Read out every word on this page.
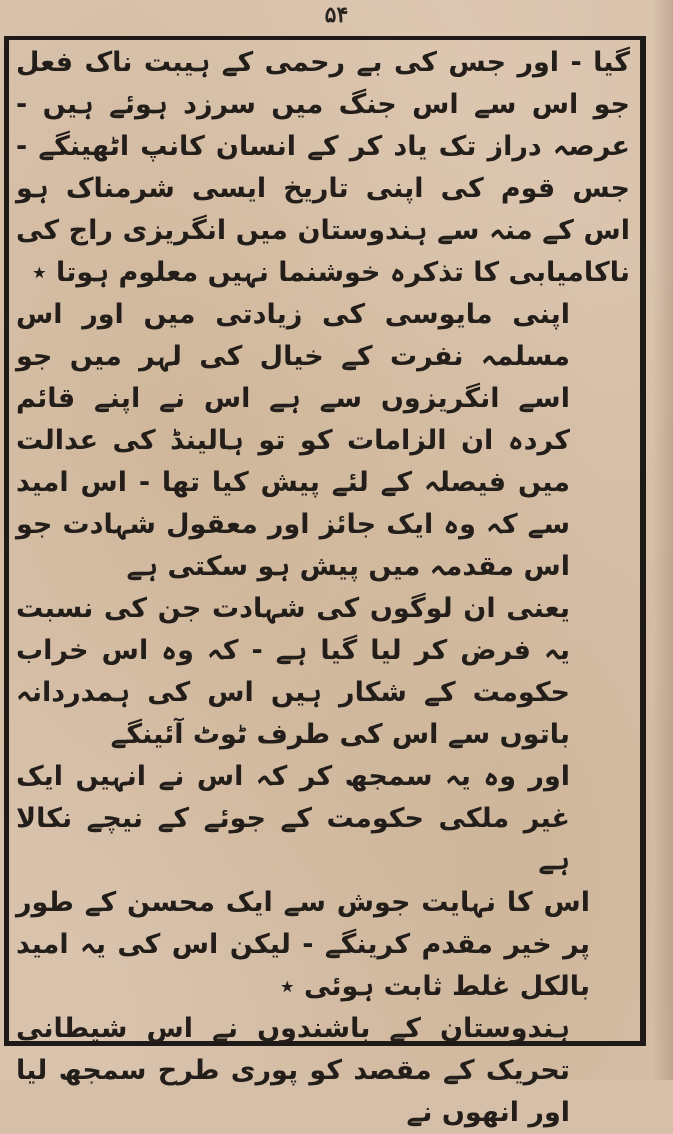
۵۴

گیا - اور جس کی بے رحمی کے ہیبت ناک فعل جو اس سے اس جنگ میں سرزد ہوئے ہیں - عرصہ دراز تک یاد کر کے انسان کانپ اٹھینگے - جس قوم کی اپنی تاریخ ایسی شرمناک ہو اس کے منہ سے ہندوستان میں انگریزی راج کی ناکامیابی کا تذکرہ خوشنما نہیں معلوم ہوتا ٭

اپنی مایوسی کی زیادتی میں اور اس مسلمہ نفرت کے خیال کی لہر میں جو اسے انگریزوں سے ہے اس نے اپنے قائم کردہ ان الزامات کو تو ہالینڈ کی عدالت میں فیصلہ کے لئے پیش کیا تھا - اس امید سے کہ وہ ایک جائز اور معقول شہادت جو اس مقدمہ میں پیش ہو سکتی ہے

یعنی ان لوگوں کی شہادت جن کی نسبت یہ فرض کر لیا گیا ہے - کہ وہ اس خراب حکومت کے شکار ہیں اس کی ہمدردانہ باتوں سے اس کی طرف ٹوٹ آئینگے

اور وہ یہ سمجھ کر کہ اس نے انہیں ایک غیر ملکی حکومت کے جوئے کے نیچے نکالا ہے

اس کا نہایت جوش سے ایک محسن کے طور پر خیر مقدم کرینگے - لیکن اس کی یہ امید بالکل غلط ثابت ہوئی ٭

ہندوستان کے باشندوں نے اس شیطانی تحریک کے مقصد کو پوری طرح سمجھ لیا اور انھوں نے
